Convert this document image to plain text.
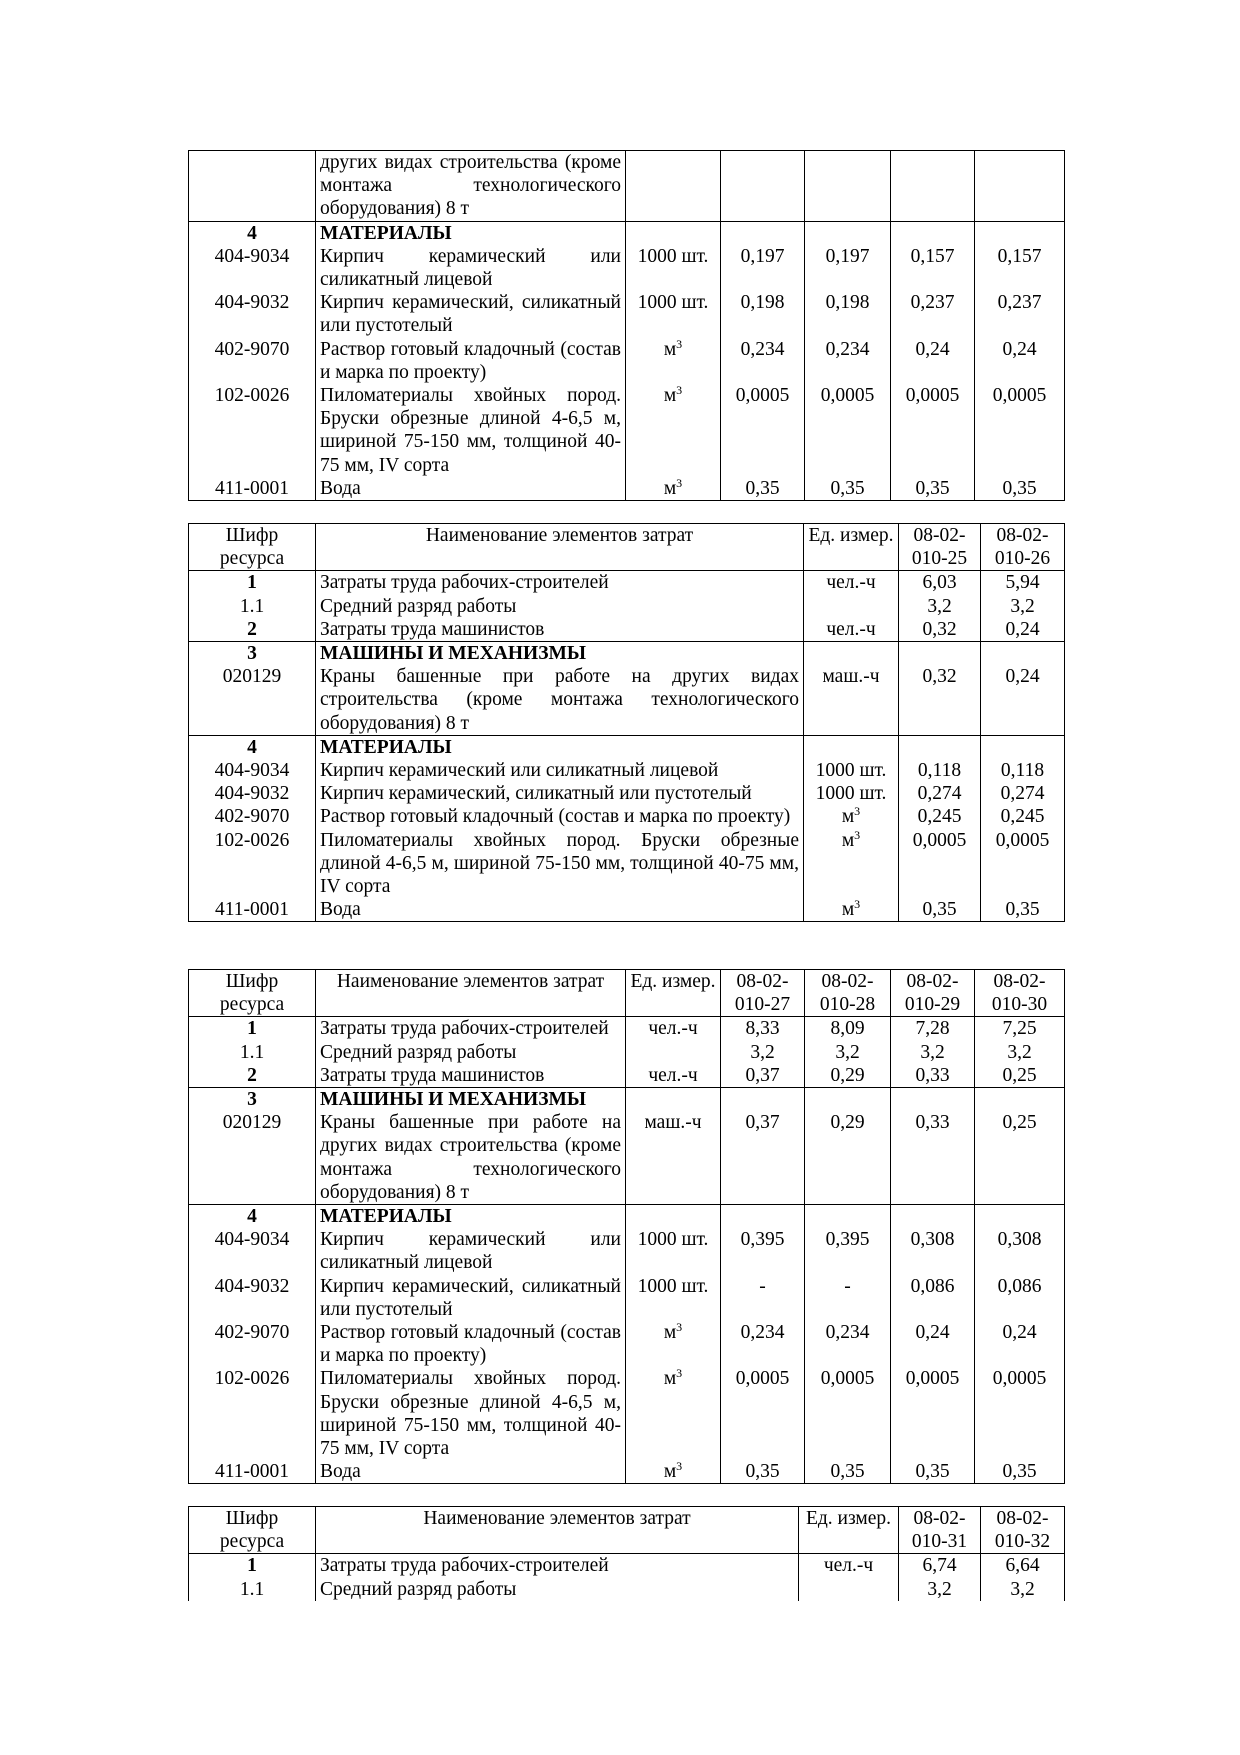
	других видах строительства (кроме монтажа технологического оборудования) 8 т					
4	МАТЕРИАЛЫ					
404-9034	Кирпич керамический или силикатный лицевой	1000 шт.	0,197	0,197	0,157	0,157
404-9032	Кирпич керамический, силикатный или пустотелый	1000 шт.	0,198	0,198	0,237	0,237
402-9070	Раствор готовый кладочный (состав и марка по проекту)	$м^3$	0,234	0,234	0,24	0,24
102-0026	Пиломатериалы хвойных пород. Бруски обрезные длиной 4-6,5 м, шириной 75-150 мм, толщиной 40-75 мм, IV сорта	$м^3$	0,0005	0,0005	0,0005	0,0005
411-0001	Вода	$м^3$	0,35	0,35	0,35	0,35
Шифр ресурса	Наименование элементов затрат	Ед. измер.	08-02-010-25	08-02-010-26
1	Затраты труда рабочих-строителей	чел.-ч	6,03	5,94
1.1	Средний разряд работы		3,2	3,2
2	Затраты труда машинистов	чел.-ч	0,32	0,24
3	МАШИНЫ И МЕХАНИЗМЫ			
020129	Краны башенные при работе на других видах строительства (кроме монтажа технологического оборудования) 8 т	маш.-ч	0,32	0,24
4	МАТЕРИАЛЫ			
404-9034	Кирпич керамический или силикатный лицевой	1000 шт.	0,118	0,118
404-9032	Кирпич керамический, силикатный или пустотелый	1000 шт.	0,274	0,274
402-9070	Раствор готовый кладочный (состав и марка по проекту)	$м^3$	0,245	0,245
102-0026	Пиломатериалы хвойных пород. Бруски обрезные длиной 4-6,5 м, шириной 75-150 мм, толщиной 40-75 мм, IV сорта	$м^3$	0,0005	0,0005
411-0001	Вода	$м^3$	0,35	0,35
Шифр ресурса	Наименование элементов затрат	Ед. измер.	08-02-010-27	08-02-010-28	08-02-010-29	08-02-010-30
1	Затраты труда рабочих-строителей	чел.-ч	8,33	8,09	7,28	7,25
1.1	Средний разряд работы		3,2	3,2	3,2	3,2
2	Затраты труда машинистов	чел.-ч	0,37	0,29	0,33	0,25
3	МАШИНЫ И МЕХАНИЗМЫ					
020129	Краны башенные при работе на других видах строительства (кроме монтажа технологического оборудования) 8 т	маш.-ч	0,37	0,29	0,33	0,25
4	МАТЕРИАЛЫ					
404-9034	Кирпич керамический или силикатный лицевой	1000 шт.	0,395	0,395	0,308	0,308
404-9032	Кирпич керамический, силикатный или пустотелый	1000 шт.	-	-	0,086	0,086
402-9070	Раствор готовый кладочный (состав и марка по проекту)	$м^3$	0,234	0,234	0,24	0,24
102-0026	Пиломатериалы хвойных пород. Бруски обрезные длиной 4-6,5 м, шириной 75-150 мм, толщиной 40-75 мм, IV сорта	$м^3$	0,0005	0,0005	0,0005	0,0005
411-0001	Вода	$м^3$	0,35	0,35	0,35	0,35
Шифр ресурса	Наименование элементов затрат	Ед. измер.	08-02-010-31	08-02-010-32
1	Затраты труда рабочих-строителей	чел.-ч	6,74	6,64
1.1	Средний разряд работы		3,2	3,2
